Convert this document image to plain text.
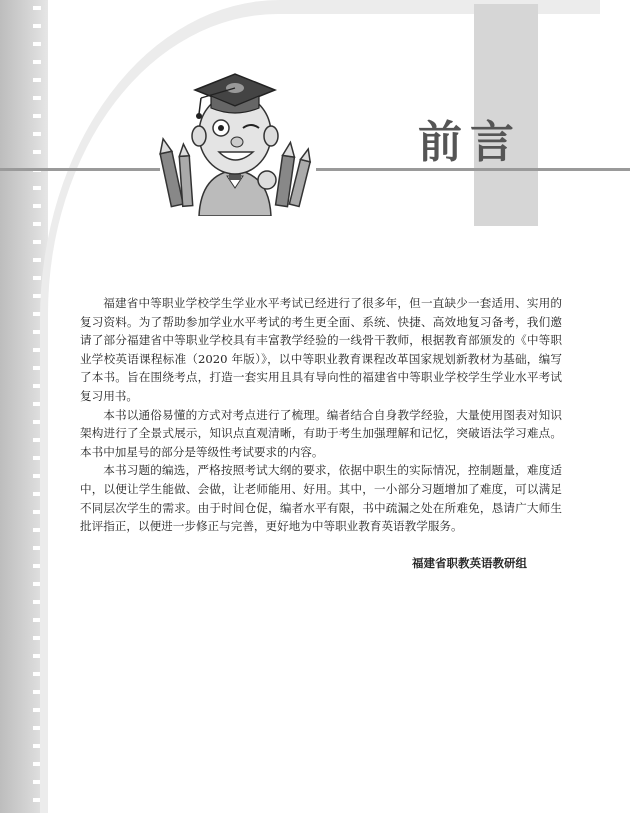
前言

福建省中等职业学校学生学业水平考试已经进行了很多年，但一直缺少一套适用、实用的复习资料。为了帮助参加学业水平考试的考生更全面、系统、快捷、高效地复习备考，我们邀请了部分福建省中等职业学校具有丰富教学经验的一线骨干教师，根据教育部颁发的《中等职业学校英语课程标准（2020 年版）》，以中等职业教育课程改革国家规划新教材为基础，编写了本书。旨在围绕考点，打造一套实用且具有导向性的福建省中等职业学校学生学业水平考试复习用书。

本书以通俗易懂的方式对考点进行了梳理。编者结合自身教学经验，大量使用图表对知识架构进行了全景式展示，知识点直观清晰，有助于考生加强理解和记忆，突破语法学习难点。本书中加星号的部分是等级性考试要求的内容。

本书习题的编选，严格按照考试大纲的要求，依据中职生的实际情况，控制题量，难度适中，以便让学生能做、会做，让老师能用、好用。其中，一小部分习题增加了难度，可以满足不同层次学生的需求。由于时间仓促，编者水平有限，书中疏漏之处在所难免，恳请广大师生批评指正，以便进一步修正与完善，更好地为中等职业教育英语教学服务。

福建省职教英语教研组
